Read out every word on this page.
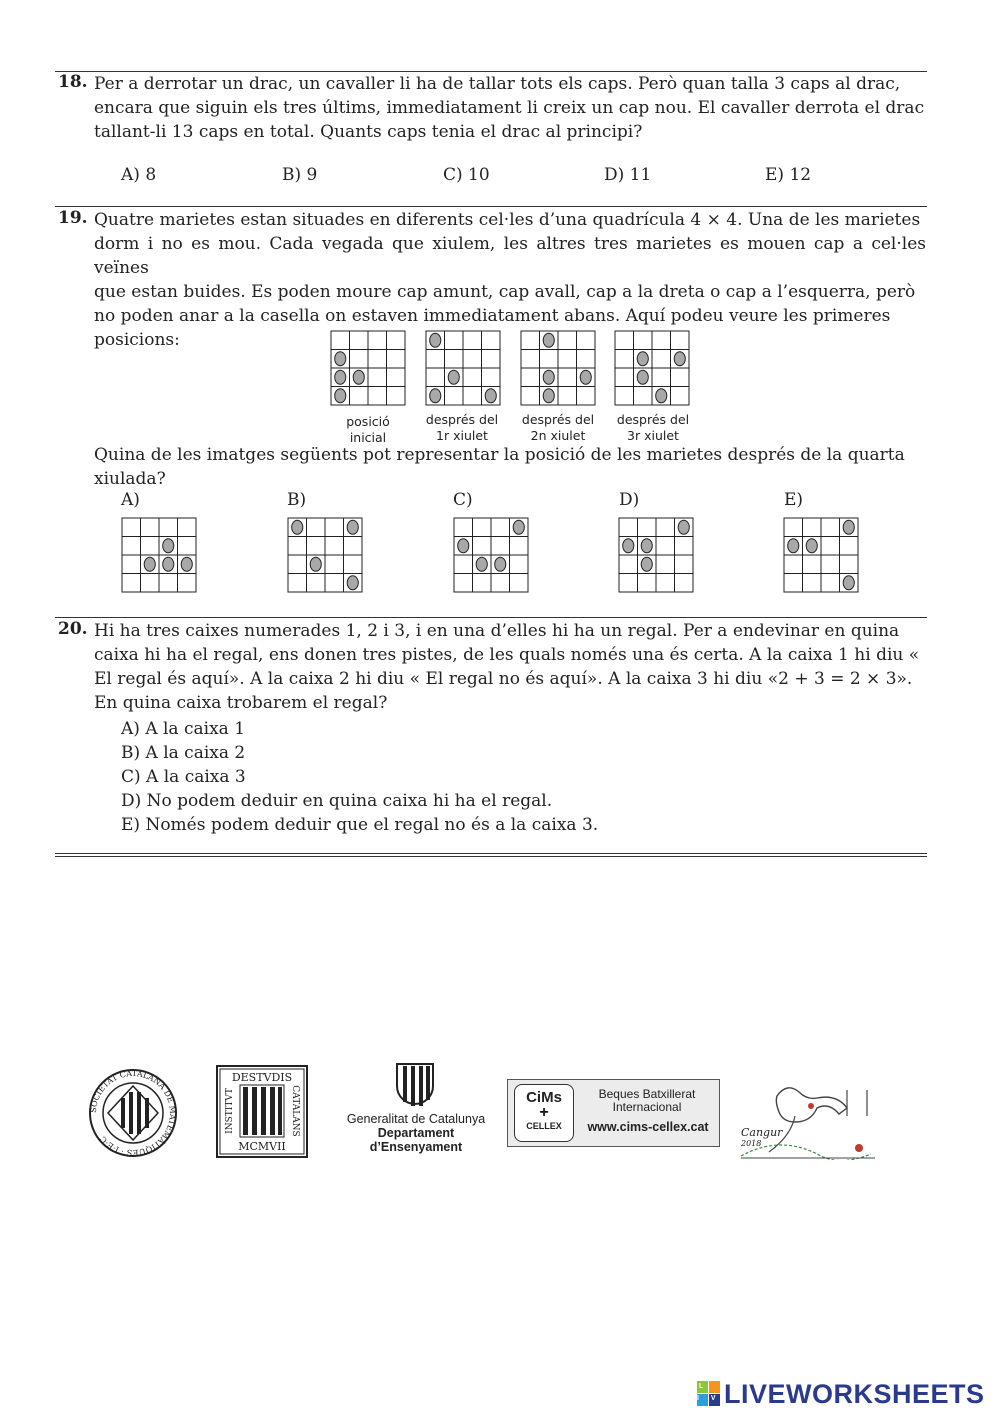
18. Per a derrotar un drac, un cavaller li ha de tallar tots els caps. Però quan talla 3 caps al drac,
encara que siguin els tres últims, immediatament li creix un cap nou. El cavaller derrota el drac
tallant-li 13 caps en total. Quants caps tenia el drac al principi?
A) 8	B) 9	C) 10	D) 11	E) 12
19. Quatre marietes estan situades en diferents cel·les d’una quadrícula 4 × 4. Una de les marietes
dorm i no es mou. Cada vegada que xiulem, les altres tres marietes es mouen cap a cel·les veïnes
que estan buides. Es poden moure cap amunt, cap avall, cap a la dreta o cap a l’esquerra, però
no poden anar a la casella on estaven immediatament abans. Aquí podeu veure les primeres
posicions:
posició
inicial
després del
1r xiulet
després del
2n xiulet
després del
3r xiulet
Quina de les imatges següents pot representar la posició de les marietes després de la quarta
xiulada?
A)	B)	C)	D)	E)
20. Hi ha tres caixes numerades 1, 2 i 3, i en una d’elles hi ha un regal. Per a endevinar en quina
caixa hi ha el regal, ens donen tres pistes, de les quals només una és certa. A la caixa 1 hi diu «
El regal és aquí». A la caixa 2 hi diu « El regal no és aquí». A la caixa 3 hi diu «2 + 3 = 2 × 3».
En quina caixa trobarem el regal?
A) A la caixa 1
B) A la caixa 2
C) A la caixa 3
D) No podem deduir en quina caixa hi ha el regal.
E) Només podem deduir que el regal no és a la caixa 3.
SOCIETAT CATALANA DE MATEMÀTIQUES · I·E·C
DESTVDIS
MCMVII
INSTITVT	CATALANS	Generalitat de Catalunya
Departament
d’Ensenyament
CiMs
+
CELLEX
Beques Batxillerat
Internacional
www.cims-cellex.cat	Cangur
2018
L I V E
LIVEWORKSHEETS
